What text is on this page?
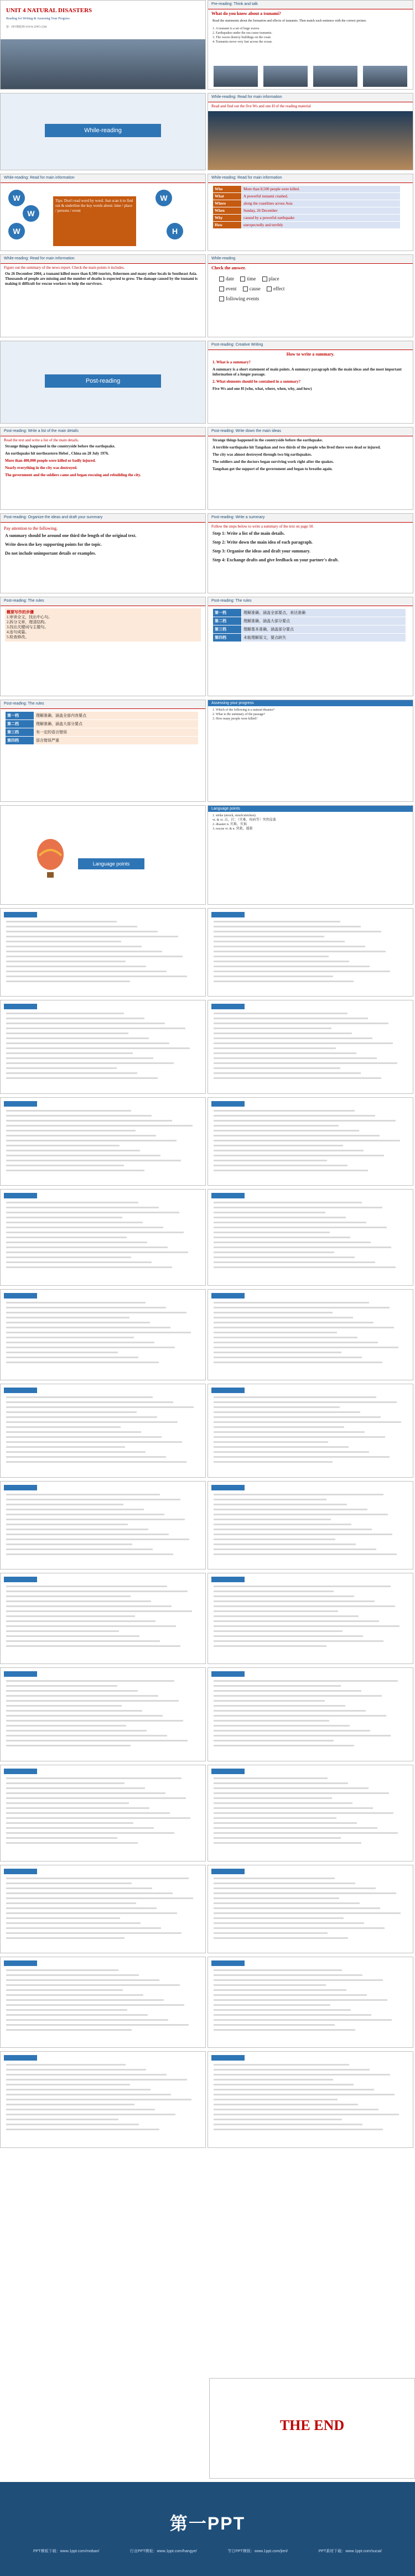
UNIT 4 NATURAL DISASTERS
Reading for Writing & Assessing Your Progress
第一PPT模板网-WWW.1PPT.COM
Pre-reading: Think and talk
What do you know about a tsunami?
Read the statements about the formation and effects of tsunamis. Then match each sentence with the correct picture.
1. A tsunami is a set of huge waves.
2. Earthquakes under the sea cause tsunamis.
3. The waves destroy buildings on the coast.
4. Tsunamis move very fast across the ocean.
While-reading
While-reading: Read for main information
Read and find out the five Ws and one H of the reading material
While-reading: Read for main information
W
W
W
Tips: Don't read word by word. Just scan it to find out & underline the key words about: time / place / persons / event
W
H
While-reading: Read for main information
Who	More than 8,500 people were killed.
What	A powerful tsunami crashed.
Where	along the coastlines across Asia
When	Sunday, 26 December
Why	caused by a powerful earthquake
How	unexpectedly and terribly
While-reading: Read for main information
Figure out the summary of the news report. Check the main points it includes.
On 26 December 2004, a tsunami killed more than 8,500 tourists, fishermen and many other locals in Southeast Asia. Thousands of people are missing and the number of deaths is expected to grow. The damage caused by the tsunami is making it difficult for rescue workers to help the survivors.
While-reading
Check the answer.
date	time	place
event	cause	effect
following events
Post-reading
Post-reading: Creative Writing
How to write a summary.

1. What is a summary?

A summary is a short statement of main points. A summary paragraph tells the main ideas and the most important information of a longer passage.

2. What elements should be contained in a summary?

Five Ws and one H (who, what, where, when, why, and how)

Post-reading: Write a list of the main details
Read the text and write a list of the main details.

Strange things happened in the countryside before the earthquake.

An earthquake hit northeastern Hebei , China on 28 July 1976.

More than 400,000 people were killed or badly injured.

Nearly everything in the city was destroyed.

The government and the soldiers came and began rescuing and rebuilding the city.

Post-reading: Write down the main ideas

Strange things happened in the countryside before the earthquake.

A terrible earthquake hit Tangshan and two thirds of the people who lived there were dead or injured.

The city was almost destroyed through two big earthquakes.

The soldiers and the doctors began surviving work right after the quakes.

Tangshan got the support of the government and began to breathe again.

Post-reading: Organize the ideas and draft your summary
Pay attention to the following.

A summary should be around one third the length of the original text.

Write down the key supporting points for the topic.

Do not include unimportant details or examples.

Post-reading: Write a summary
Follow the steps below to write a summary of the text on page 50.

Step 1: Write a list of the main details.

Step 2: Write down the main idea of each paragraph.

Step 3: Organise the ideas and draft your summary.

Step 4: Exchange drafts and give feedback on your partner's draft.

Post-reading: The rules
概要写作的步骤
1.审读全文，找出中心句。
2.拆分文章，理清结构。
3.找出关键词与主题句。
4.连句成篇。
5.检查修改。
Post-reading: The rules
第一档	理解准确，涵盖全部要点，表达准确
第二档	理解准确，涵盖大部分要点
第三档	理解基本准确，涵盖部分要点
第四档	未能理解原文，要点缺失
Post-reading: The rules
第一档	理解准确，涵盖全部内容要点
第二档	理解准确，涵盖大部分要点
第三档	有一定的语言错误
第四档	语言错误严重
Assessing your progress
1. Which of the following is a natural disaster?
2. What is the summary of the passage?
3. How many people were killed?
Language points
Language points
1. strike (struck, struck/stricken)
vt. & vi. 击，打；（灾难、疾病等）突然侵袭
2. disaster n. 灾难，灾祸
3. rescue vt. & n. 营救，援救
THE END
第一PPT
PPT模板下载：www.1ppt.com/moban/	行业PPT模板：www.1ppt.com/hangye/	节日PPT模板：www.1ppt.com/jieri/	PPT素材下载：www.1ppt.com/sucai/
